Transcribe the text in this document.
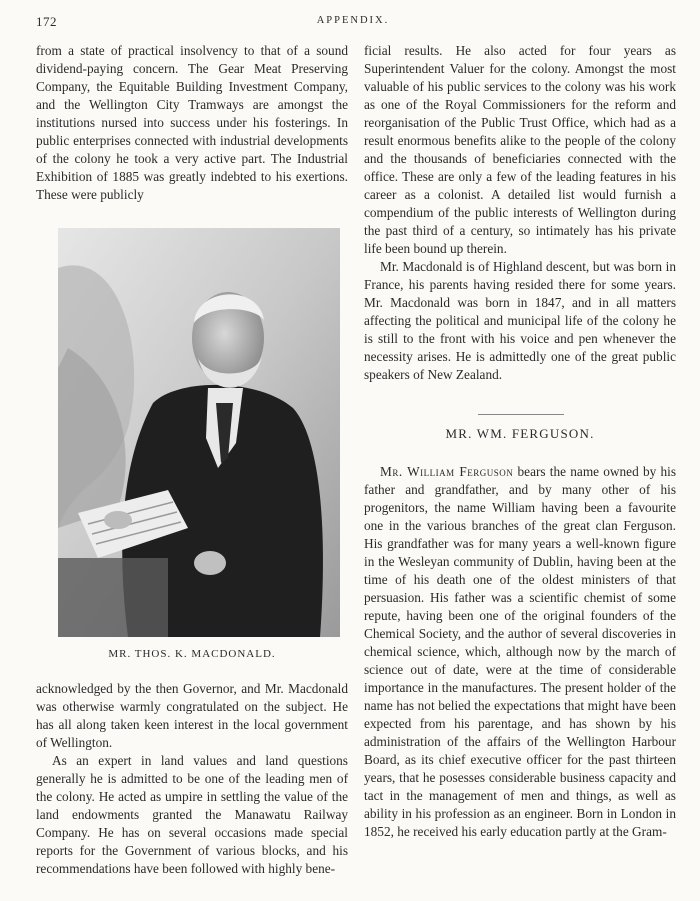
172	APPENDIX.

from a state of practical insolvency to that of a sound dividend-paying concern. The Gear Meat Preserving Company, the Equitable Building Investment Company, and the Wellington City Tramways are amongst the institutions nursed into success under his fosterings. In public enterprises connected with industrial developments of the colony he took a very active part. The Industrial Exhibition of 1885 was greatly indebted to his exertions. These were publicly

MR. THOS. K. MACDONALD.

acknowledged by the then Governor, and Mr. Macdonald was otherwise warmly congratulated on the subject. He has all along taken keen interest in the local government of Wellington.

As an expert in land values and land questions generally he is admitted to be one of the leading men of the colony. He acted as umpire in settling the value of the land endowments granted the Manawatu Railway Company. He has on several occasions made special reports for the Government of various blocks, and his recommendations have been followed with highly bene-

ficial results. He also acted for four years as Superintendent Valuer for the colony. Amongst the most valuable of his public services to the colony was his work as one of the Royal Commissioners for the reform and reorganisation of the Public Trust Office, which had as a result enormous benefits alike to the people of the colony and the thousands of beneficiaries connected with the office. These are only a few of the leading features in his career as a colonist. A detailed list would furnish a compendium of the public interests of Wellington during the past third of a century, so intimately has his private life been bound up therein.

Mr. Macdonald is of Highland descent, but was born in France, his parents having resided there for some years. Mr. Macdonald was born in 1847, and in all matters affecting the political and municipal life of the colony he is still to the front with his voice and pen whenever the necessity arises. He is admittedly one of the great public speakers of New Zealand.

MR. WM. FERGUSON.

Mr. William Ferguson bears the name owned by his father and grandfather, and by many other of his progenitors, the name William having been a favourite one in the various branches of the great clan Ferguson. His grandfather was for many years a well-known figure in the Wesleyan community of Dublin, having been at the time of his death one of the oldest ministers of that persuasion. His father was a scientific chemist of some repute, having been one of the original founders of the Chemical Society, and the author of several discoveries in chemical science, which, although now by the march of science out of date, were at the time of considerable importance in the manufactures. The present holder of the name has not belied the expectations that might have been expected from his parentage, and has shown by his administration of the affairs of the Wellington Harbour Board, as its chief executive officer for the past thirteen years, that he posesses considerable business capacity and tact in the management of men and things, as well as ability in his profession as an engineer. Born in London in 1852, he received his early education partly at the Gram-
